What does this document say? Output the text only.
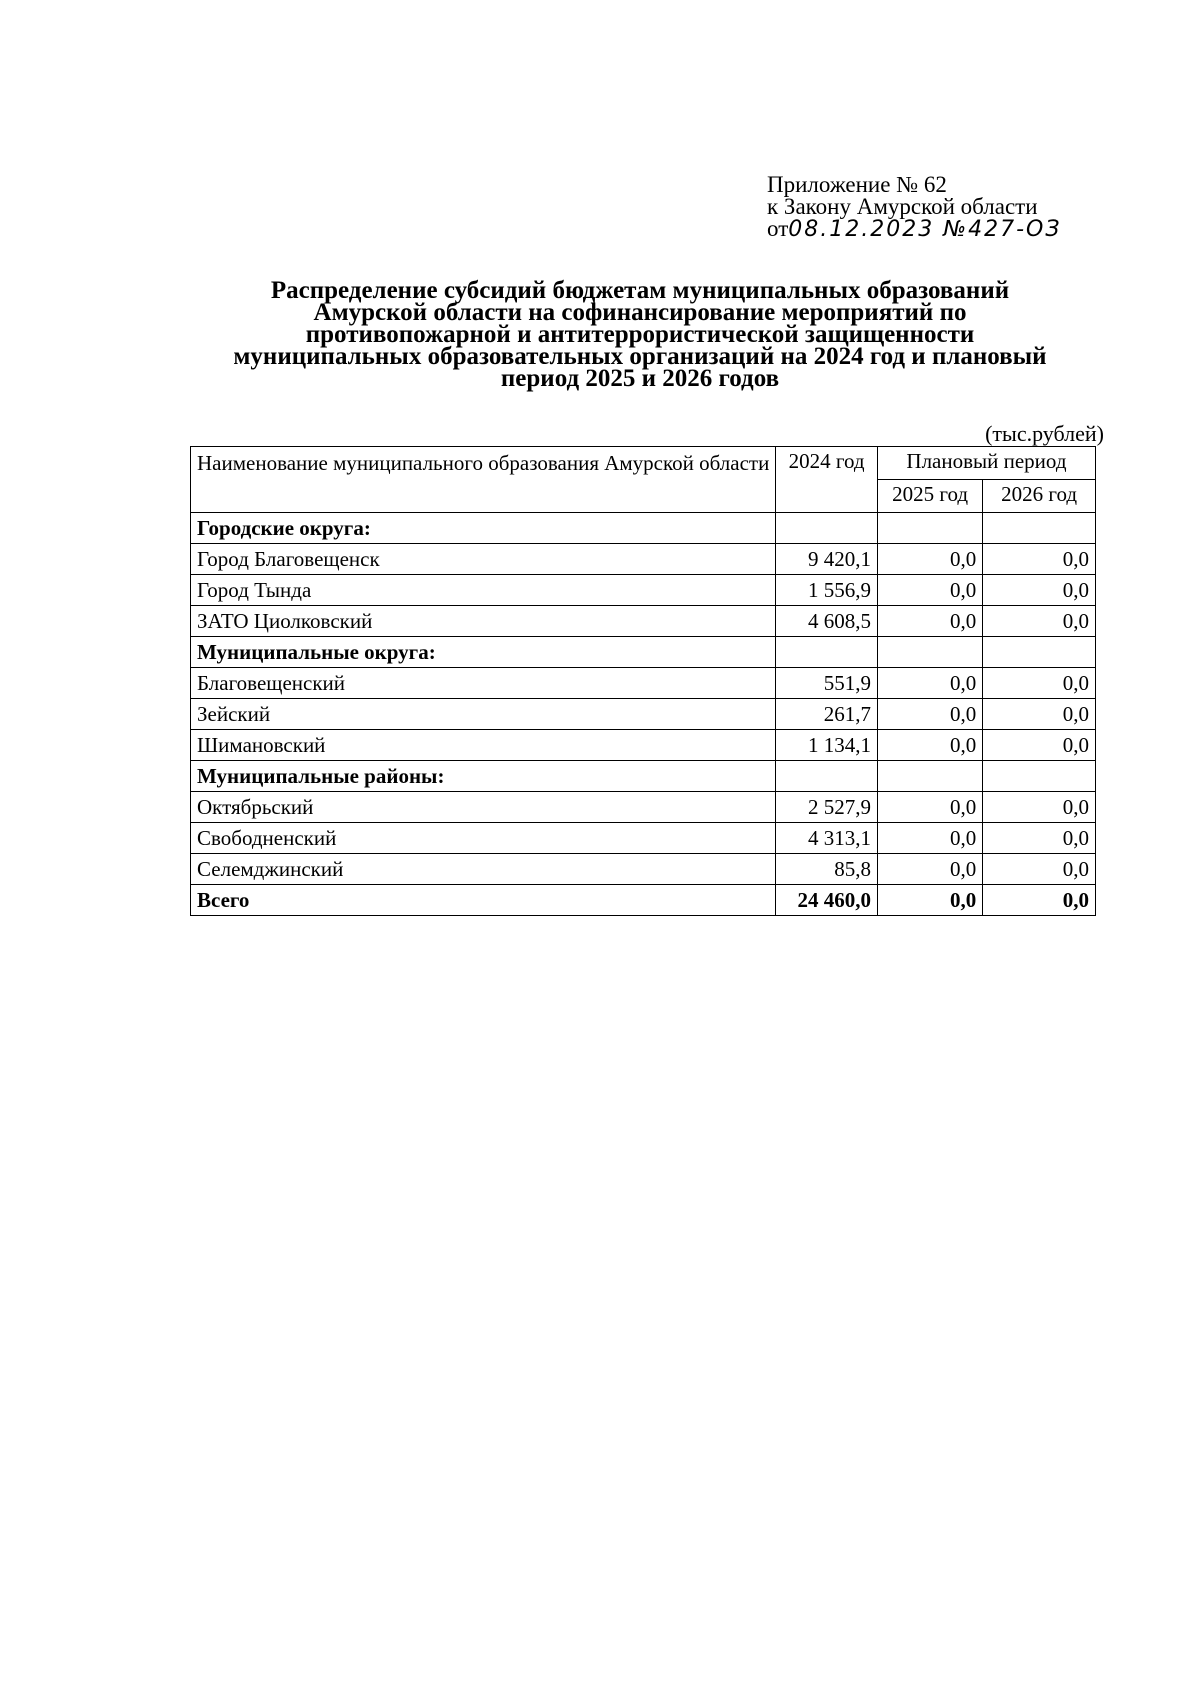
Приложение № 62
к Закону Амурской области
от08.12.2023 №427-ОЗ
Распределение субсидий бюджетам муниципальных образований
Амурской области на софинансирование мероприятий по
противопожарной и антитеррористической защищенности
муниципальных образовательных организаций на 2024 год и плановый
период 2025 и 2026 годов
(тыс.рублей)
Наименование муниципального образования Амурской области	2024 год	Плановый период	
		2025 год	2026 год
Городские округа:			
Город Благовещенск	9 420,1	0,0	0,0
Город Тында	1 556,9	0,0	0,0
ЗАТО Циолковский	4 608,5	0,0	0,0
Муниципальные округа:			
Благовещенский	551,9	0,0	0,0
Зейский	261,7	0,0	0,0
Шимановский	1 134,1	0,0	0,0
Муниципальные районы:			
Октябрьский	2 527,9	0,0	0,0
Свободненский	4 313,1	0,0	0,0
Селемджинский	85,8	0,0	0,0
Всего	24 460,0	0,0	0,0
